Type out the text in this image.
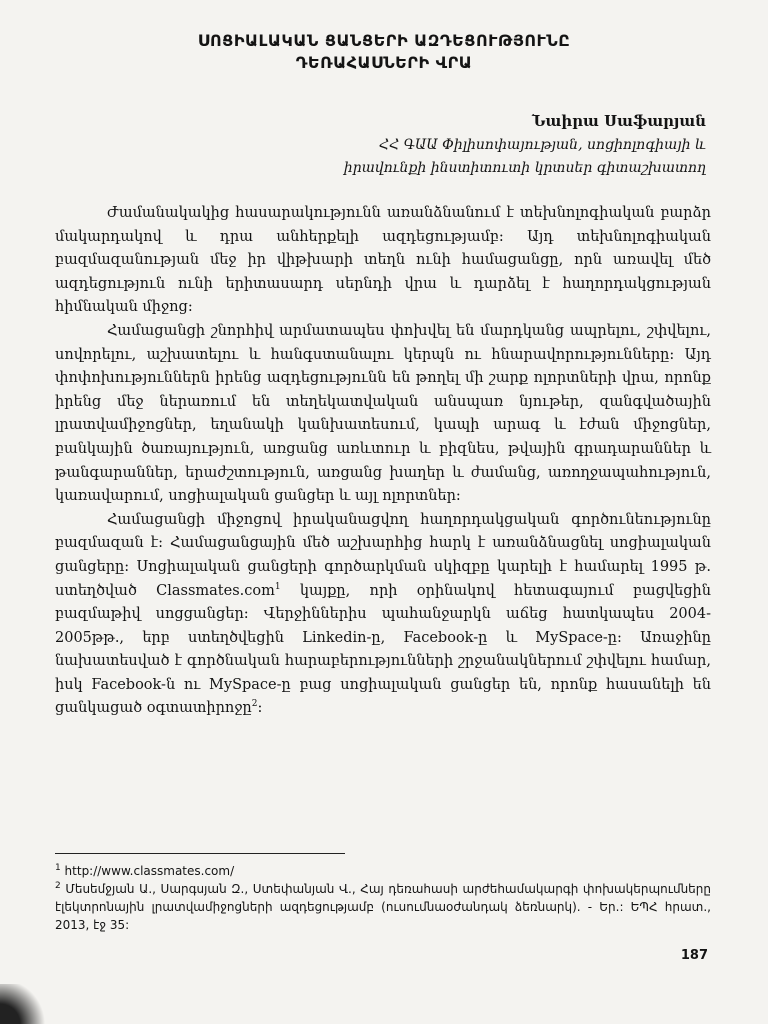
ՍՈՑԻԱԼԱԿԱՆ ՑԱՆՑԵՐԻ ԱԶԴԵՑՈՒԹՅՈՒՆԸ
ԴԵՌԱՀԱՍՆԵՐԻ ՎՐԱ
Նաիրա Սաֆարյան
ՀՀ ԳԱԱ Փիլիսոփայության, սոցիոլոգիայի և
իրավունքի ինստիտուտի կրտսեր գիտաշխատող

Ժամանակակից հասարակությունն առանձնանում է տեխնոլոգիական բարձր մակարդակով և դրա անհերքելի ազդեցությամբ: Այդ տեխնոլոգիական բազմազանության մեջ իր վիթխարի տեղն ունի համացանցը, որն առավել մեծ ազդեցություն ունի երիտասարդ սերնդի վրա և դարձել է հաղորդակցության հիմնական միջոց:

Համացանցի շնորհիվ արմատապես փոխվել են մարդկանց ապրելու, շփվելու, սովորելու, աշխատելու և հանգստանալու կերպն ու հնարավորությունները: Այդ փոփոխություններն իրենց ազդեցությունն են թողել մի շարք ոլորտների վրա, որոնք իրենց մեջ ներառում են տեղեկատվական անսպառ նյութեր, զանգվածային լրատվամիջոցներ, եղանակի կանխատեսում, կապի արագ և էժան միջոցներ, բանկային ծառայություն, առցանց առևտուր և բիզնես, թվային գրադարաններ և թանգարաններ, երաժշտություն, առցանց խաղեր և ժամանց, առողջապահություն, կառավարում, սոցիալական ցանցեր և այլ ոլորտներ:

Համացանցի միջոցով իրականացվող հաղորդակցական գործունեությունը բազմազան է: Համացանցային մեծ աշխարհից հարկ է առանձնացնել սոցիալական ցանցերը: Սոցիալական ցանցերի գործարկման սկիզբը կարելի է համարել 1995 թ. ստեղծված Classmates.com$^1$ կայքը, որի օրինակով հետագայում բացվեցին բազմաթիվ սոցցանցեր: Վերջիններիս պահանջարկն աճեց հատկապես 2004-2005թթ., երբ ստեղծվեցին Linkedin-ը, Facebook-ը և MySpace-ը: Առաջինը նախատեսված է գործնական հարաբերությունների շրջանակներում շփվելու համար, իսկ Facebook-ն ու MySpace-ը բաց սոցիալական ցանցեր են, որոնք հասանելի են ցանկացած օգտատիրոջը$^2$:

$^1$ http://www.classmates.com/

$^2$ Մեսեմջյան Ա., Սարգսյան Զ., Ստեփանյան Վ., Հայ դեռահասի արժեհամակարգի փոխակերպումները էլեկտրոնային լրատվամիջոցների ազդեցությամբ (ուսումնաօժանդակ ձեռնարկ). - Եր.: ԵՊՀ հրատ., 2013, էջ 35:

187
